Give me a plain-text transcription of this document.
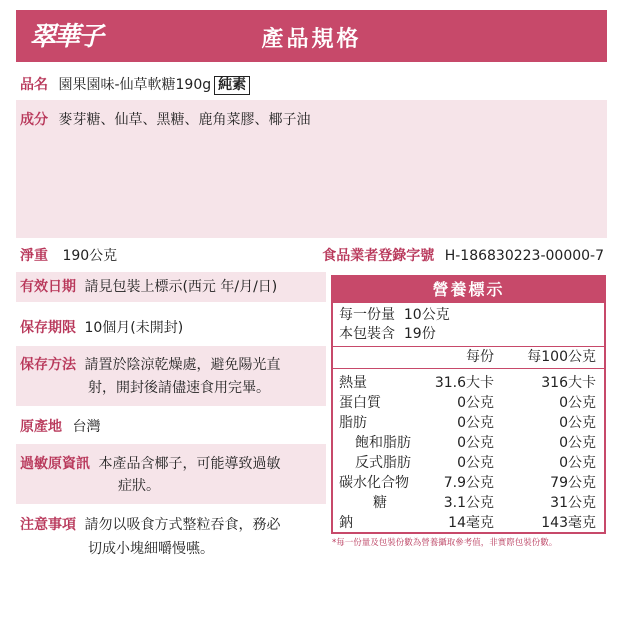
翠華子	產品規格
品名 園果園味-仙草軟糖190g 純素
成分 麥芽糖、仙草、黑糖、鹿角菜膠、椰子油
淨重 190公克	食品業者登錄字號 H-186830223-00000-7
有效日期 請見包裝上標示(西元 年/月/日)
保存期限 10個月(未開封)
保存方法 請置於陰涼乾燥處，避免陽光直
射，開封後請儘速食用完畢。
原產地 台灣
過敏原資訊 本產品含椰子，可能導致過敏
症狀。
注意事項 請勿以吸食方式整粒吞食，務必
切成小塊細嚼慢嚥。
營養標示
每一份量  10公克
本包裝含  19份
每份 每100公克
熱量	31.6大卡	316大卡
蛋白質	0公克	0公克
脂肪	0公克	0公克
飽和脂肪	0公克	0公克
反式脂肪	0公克	0公克
碳水化合物 7.9公克	79公克
糖	3.1公克	31公克
鈉	14毫克	143毫克
*每一份量及包裝份數為營養攝取參考值，非實際包裝份數。
